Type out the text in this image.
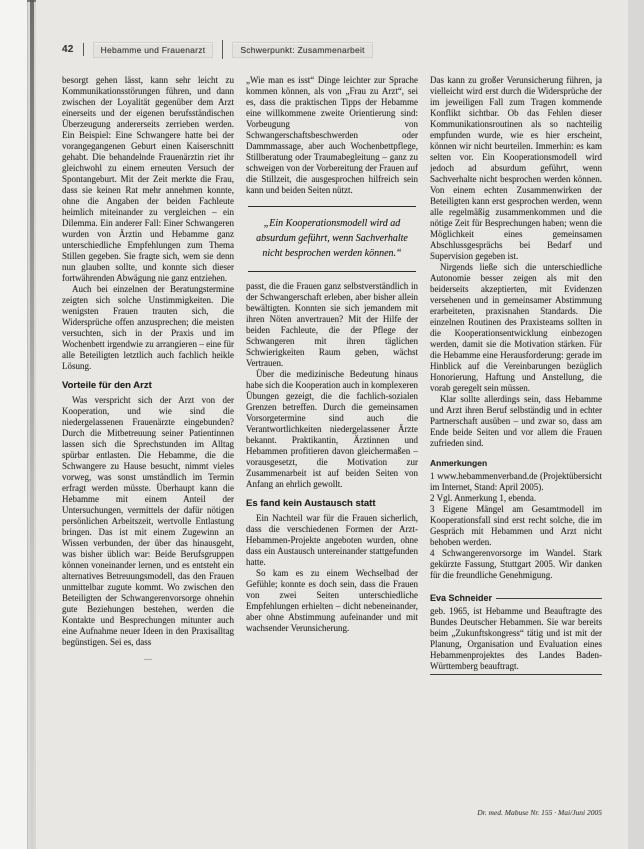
42	Hebamme und Frauenarzt	Schwerpunkt: Zusammenarbeit

besorgt gehen lässt, kann sehr leicht zu Kommunikationsstörungen führen, und dann zwischen der Loyalität gegenüber dem Arzt einerseits und der eigenen berufsständischen Überzeugung andererseits zerrieben werden. Ein Beispiel: Eine Schwangere hatte bei der vorangegangenen Geburt einen Kaiserschnitt gehabt. Die behandelnde Frauenärztin riet ihr gleichwohl zu einem erneuten Versuch der Spontangeburt. Mit der Zeit merkte die Frau, dass sie keinen Rat mehr annehmen konnte, ohne die Angaben der beiden Fachleute heimlich miteinander zu vergleichen – ein Dilemma. Ein anderer Fall: Einer Schwangeren wurden von Ärztin und Hebamme ganz unterschiedliche Empfehlungen zum Thema Stillen gegeben. Sie fragte sich, wem sie denn nun glauben sollte, und konnte sich dieser fortwährenden Abwägung nie ganz entziehen.

Auch bei einzelnen der Beratungstermine zeigten sich solche Unstimmigkeiten. Die wenigsten Frauen trauten sich, die Widersprüche offen anzusprechen; die meisten versuchten, sich in der Praxis und im Wochenbett irgendwie zu arrangieren – eine für alle Beteiligten letztlich auch fachlich heikle Lösung.

Vorteile für den Arzt

Was verspricht sich der Arzt von der Kooperation, und wie sind die niedergelassenen Frauenärzte eingebunden? Durch die Mitbetreuung seiner Patientinnen lassen sich die Sprechstunden im Alltag spürbar entlasten. Die Hebamme, die die Schwangere zu Hause besucht, nimmt vieles vorweg, was sonst umständlich im Termin erfragt werden müsste. Überhaupt kann die Hebamme mit einem Anteil der Untersuchungen, vermittels der dafür nötigen persönlichen Arbeitszeit, wertvolle Entlastung bringen. Das ist mit einem Zugewinn an Wissen verbunden, der über das hinausgeht, was bisher üblich war: Beide Berufsgruppen können voneinander lernen, und es entsteht ein alternatives Betreuungsmodell, das den Frauen unmittelbar zugute kommt. Wo zwischen den Beteiligten der Schwangerenvorsorge ohnehin gute Beziehungen bestehen, werden die Kontakte und Besprechungen mitunter auch eine Aufnahme neuer Ideen in den Praxisalltag begünstigen. Sei es, dass

—

„Wie man es isst“ Dinge leichter zur Sprache kommen können, als von „Frau zu Arzt“, sei es, dass die praktischen Tipps der Hebamme eine willkommene zweite Orientierung sind: Vorbeugung von Schwangerschaftsbeschwerden oder Dammmassage, aber auch Wochenbettpflege, Stillberatung oder Traumabegleitung – ganz zu schweigen von der Vorbereitung der Frauen auf die Stillzeit, die ausgesprochen hilfreich sein kann und beiden Seiten nützt.

„Ein Kooperationsmodell wird ad absurdum geführt, wenn Sachverhalte nicht besprochen werden können.“

passt, die die Frauen ganz selbstverständlich in der Schwangerschaft erleben, aber bisher allein bewältigten. Konnten sie sich jemandem mit ihren Nöten anvertrauen? Mit der Hilfe der beiden Fachleute, die der Pflege der Schwangeren mit ihren täglichen Schwierigkeiten Raum geben, wächst Vertrauen.

Über die medizinische Bedeutung hinaus habe sich die Kooperation auch in komplexeren Übungen gezeigt, die die fachlich-sozialen Grenzen betreffen. Durch die gemeinsamen Vorsorgetermine sind auch die Verantwortlichkeiten niedergelassener Ärzte bekannt. Praktikantin, Ärztinnen und Hebammen profitieren davon gleichermaßen – vorausgesetzt, die Motivation zur Zusammenarbeit ist auf beiden Seiten von Anfang an ehrlich gewollt.

Es fand kein Austausch statt

Ein Nachteil war für die Frauen sicherlich, dass die verschiedenen Formen der Arzt-Hebammen-Projekte angeboten wurden, ohne dass ein Austausch untereinander stattgefunden hatte.

So kam es zu einem Wechselbad der Gefühle; konnte es doch sein, dass die Frauen von zwei Seiten unterschiedliche Empfehlungen erhielten – dicht nebeneinander, aber ohne Abstimmung aufeinander und mit wachsender Verunsicherung.

Das kann zu großer Verunsicherung führen, ja vielleicht wird erst durch die Widersprüche der im jeweiligen Fall zum Tragen kommende Konflikt sichtbar. Ob das Fehlen dieser Kommunikationsroutinen als so nachteilig empfunden wurde, wie es hier erscheint, können wir nicht beurteilen. Immerhin: es kam selten vor. Ein Kooperationsmodell wird jedoch ad absurdum geführt, wenn Sachverhalte nicht besprochen werden können. Von einem echten Zusammenwirken der Beteiligten kann erst gesprochen werden, wenn alle regelmäßig zusammenkommen und die nötige Zeit für Besprechungen haben; wenn die Möglichkeit eines gemeinsamen Abschlussgesprächs bei Bedarf und Supervision gegeben ist.

Nirgends ließe sich die unterschiedliche Autonomie besser zeigen als mit den beiderseits akzeptierten, mit Evidenzen versehenen und in gemeinsamer Abstimmung erarbeiteten, praxisnahen Standards. Die einzelnen Routinen des Praxisteams sollten in die Kooperationsentwicklung einbezogen werden, damit sie die Motivation stärken. Für die Hebamme eine Herausforderung: gerade im Hinblick auf die Vereinbarungen bezüglich Honorierung, Haftung und Anstellung, die vorab geregelt sein müssen.

Klar sollte allerdings sein, dass Hebamme und Arzt ihren Beruf selbständig und in echter Partnerschaft ausüben – und zwar so, dass am Ende beide Seiten und vor allem die Frauen zufrieden sind.

Anmerkungen

1 www.hebammenverband.de (Projektübersicht im Internet, Stand: April 2005).

2 Vgl. Anmerkung 1, ebenda.

3 Eigene Mängel am Gesamtmodell im Kooperationsfall sind erst recht solche, die im Gespräch mit Hebammen und Arzt nicht behoben werden.

4 Schwangerenvorsorge im Wandel. Stark gekürzte Fassung, Stuttgart 2005. Wir danken für die freundliche Genehmigung.

Eva Schneider

geb. 1965, ist Hebamme und Beauftragte des Bundes Deutscher Hebammen. Sie war bereits beim „Zukunftskongress“ tätig und ist mit der Planung, Organisation und Evaluation eines Hebammenprojektes des Landes Baden-Württemberg beauftragt.

Dr. med. Mabuse Nr. 155 · Mai/Juni 2005
